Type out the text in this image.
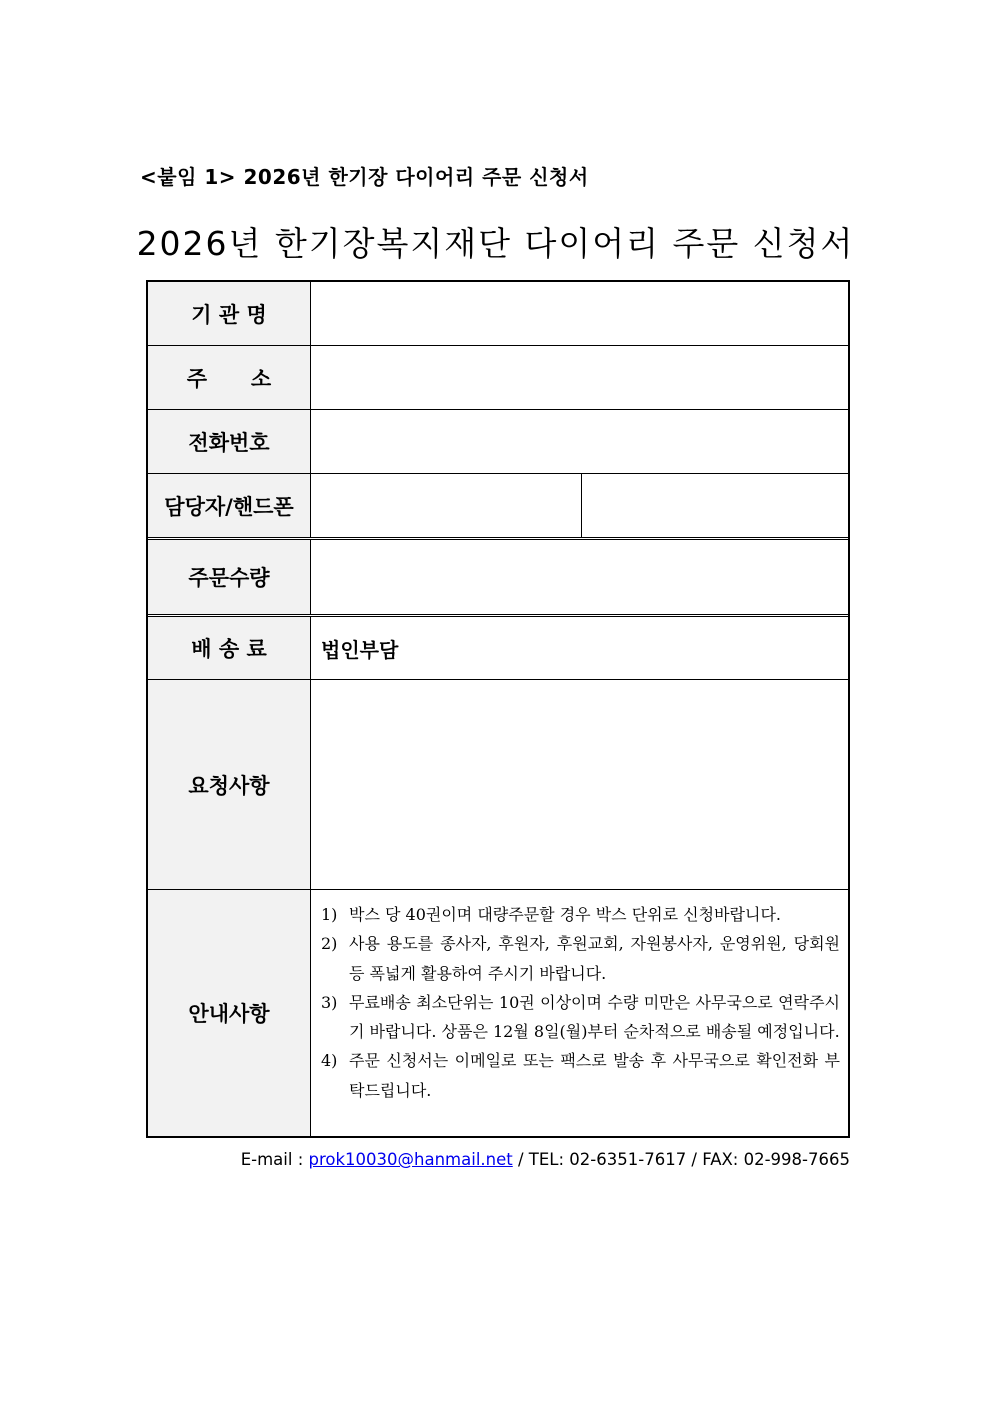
<붙임 1> 2026년 한기장 다이어리 주문 신청서
2026년 한기장복지재단 다이어리 주문 신청서
기 관 명
주      소
전화번호
담당자/핸드폰
주문수량
배 송 료	법인부담
요청사항
안내사항
1) 박스 당 40권이며 대량주문할 경우 박스 단위로 신청바랍니다.
2) 사용 용도를 종사자, 후원자, 후원교회, 자원봉사자, 운영위원, 당회원 등 폭넓게 활용하여 주시기 바랍니다.
3) 무료배송 최소단위는 10권 이상이며 수량 미만은 사무국으로 연락주시기 바랍니다. 상품은 12월 8일(월)부터 순차적으로 배송될 예정입니다.
4) 주문 신청서는 이메일로 또는 팩스로 발송 후 사무국으로 확인전화 부탁드립니다.
E-mail : prok10030@hanmail.net / TEL: 02-6351-7617 / FAX: 02-998-7665
